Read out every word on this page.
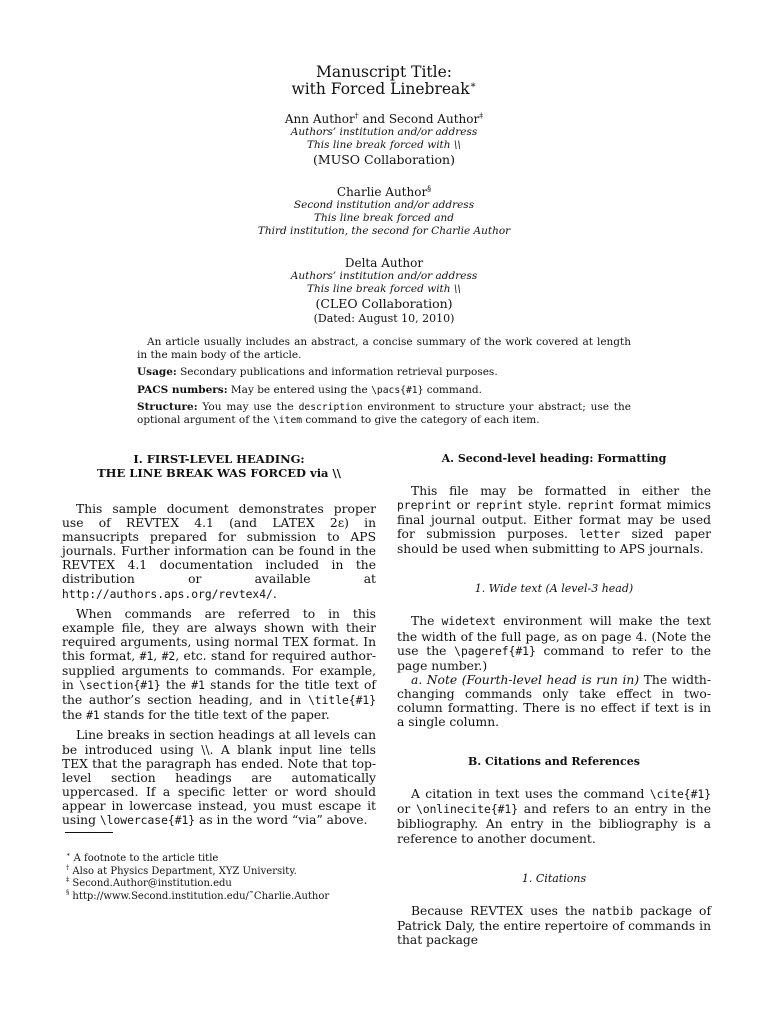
Manuscript Title:
with Forced Linebreak∗
Ann Author† and Second Author‡
Authors’ institution and/or address
This line break forced with \\
(MUSO Collaboration)
Charlie Author§
Second institution and/or address
This line break forced and
Third institution, the second for Charlie Author
Delta Author
Authors’ institution and/or address
This line break forced with \\
(CLEO Collaboration)
(Dated: August 10, 2010)

An article usually includes an abstract, a concise summary of the work covered at length in the main body of the article.

Usage: Secondary publications and information retrieval purposes.

PACS numbers: May be entered using the \pacs{#1} command.

Structure: You may use the description environment to structure your abstract; use the optional argument of the \item command to give the category of each item.

I. FIRST-LEVEL HEADING:
THE LINE BREAK WAS FORCED via \\

This sample document demonstrates proper use of REVTEX 4.1 (and LATEX 2ε) in mansucripts prepared for submission to APS journals. Further information can be found in the REVTEX 4.1 documentation included in the distribution or available at http://authors.aps.org/revtex4/.

When commands are referred to in this example file, they are always shown with their required arguments, using normal TEX format. In this format, #1, #2, etc. stand for required author-supplied arguments to commands. For example, in \section{#1} the #1 stands for the title text of the author’s section heading, and in \title{#1} the #1 stands for the title text of the paper.

Line breaks in section headings at all levels can be introduced using \\. A blank input line tells TEX that the paragraph has ended. Note that top-level section headings are automatically uppercased. If a specific letter or word should appear in lowercase instead, you must escape it using \lowercase{#1} as in the word “via” above.

∗ A footnote to the article title
† Also at Physics Department, XYZ University.
‡ Second.Author@institution.edu
§ http://www.Second.institution.edu/˜Charlie.Author
A. Second-level heading: Formatting

This file may be formatted in either the preprint or reprint style. reprint format mimics final journal output. Either format may be used for submission purposes. letter sized paper should be used when submitting to APS journals.

1. Wide text (A level-3 head)

The widetext environment will make the text the width of the full page, as on page 4. (Note the use the \pageref{#1} command to refer to the page number.)

a. Note (Fourth-level head is run in) The width-changing commands only take effect in two-column formatting. There is no effect if text is in a single column.

B. Citations and References

A citation in text uses the command \cite{#1} or \onlinecite{#1} and refers to an entry in the bibliography. An entry in the bibliography is a reference to another document.

1. Citations

Because REVTEX uses the natbib package of Patrick Daly, the entire repertoire of commands in that package
